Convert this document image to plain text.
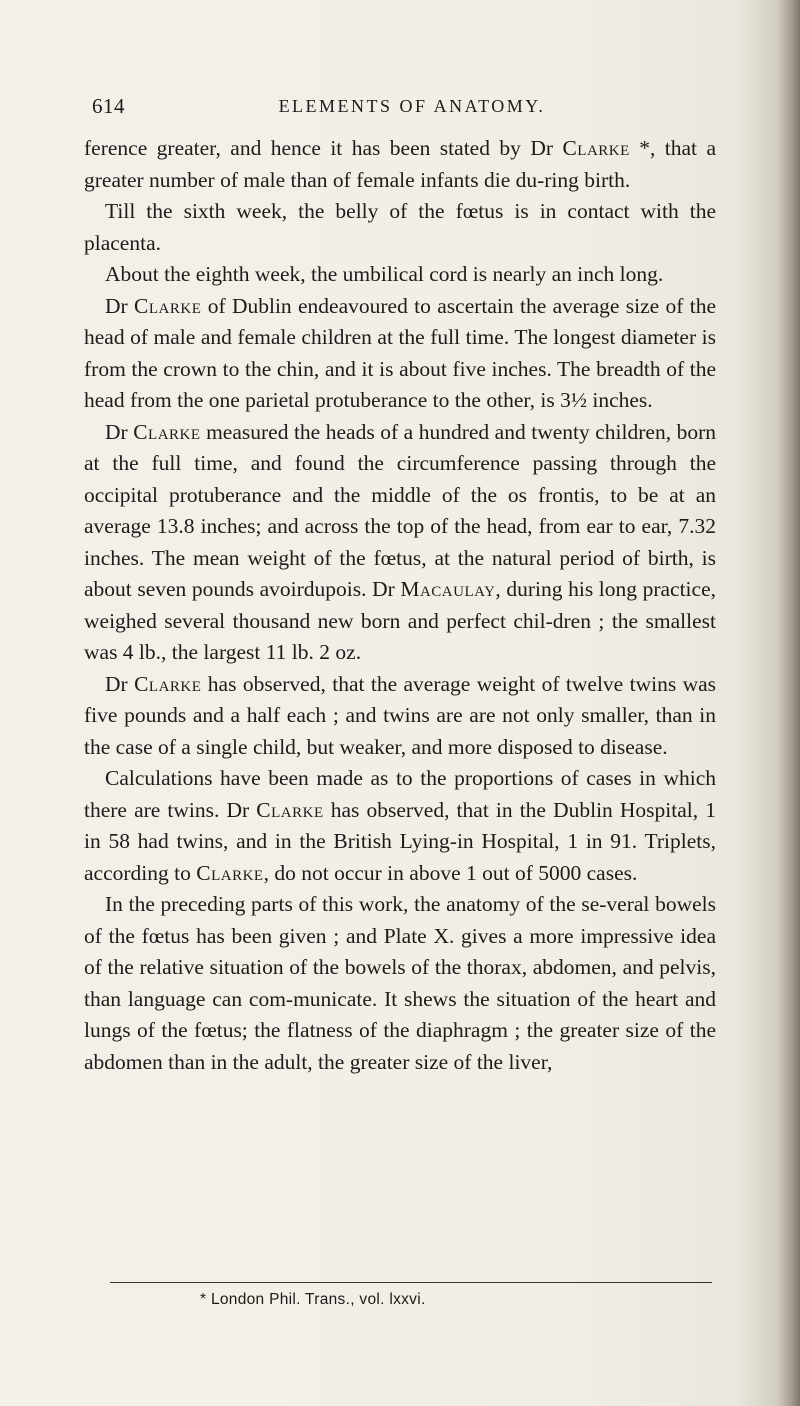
614	ELEMENTS OF ANATOMY.

ference greater, and hence it has been stated by Dr Clarke *, that a greater number of male than of female infants die du-ring birth.

Till the sixth week, the belly of the fœtus is in contact with the placenta.

About the eighth week, the umbilical cord is nearly an inch long.

Dr Clarke of Dublin endeavoured to ascertain the average size of the head of male and female children at the full time. The longest diameter is from the crown to the chin, and it is about five inches. The breadth of the head from the one parietal protuberance to the other, is 3½ inches.

Dr Clarke measured the heads of a hundred and twenty children, born at the full time, and found the circumference passing through the occipital protuberance and the middle of the os frontis, to be at an average 13.8 inches; and across the top of the head, from ear to ear, 7.32 inches. The mean weight of the fœtus, at the natural period of birth, is about seven pounds avoirdupois. Dr Macaulay, during his long practice, weighed several thousand new born and perfect chil-dren ; the smallest was 4 lb., the largest 11 lb. 2 oz.

Dr Clarke has observed, that the average weight of twelve twins was five pounds and a half each ; and twins are are not only smaller, than in the case of a single child, but weaker, and more disposed to disease.

Calculations have been made as to the proportions of cases in which there are twins. Dr Clarke has observed, that in the Dublin Hospital, 1 in 58 had twins, and in the British Lying-in Hospital, 1 in 91. Triplets, according to Clarke, do not occur in above 1 out of 5000 cases.

In the preceding parts of this work, the anatomy of the se-veral bowels of the fœtus has been given ; and Plate X. gives a more impressive idea of the relative situation of the bowels of the thorax, abdomen, and pelvis, than language can com-municate. It shews the situation of the heart and lungs of the fœtus; the flatness of the diaphragm ; the greater size of the abdomen than in the adult, the greater size of the liver,

* London Phil. Trans., vol. lxxvi.
